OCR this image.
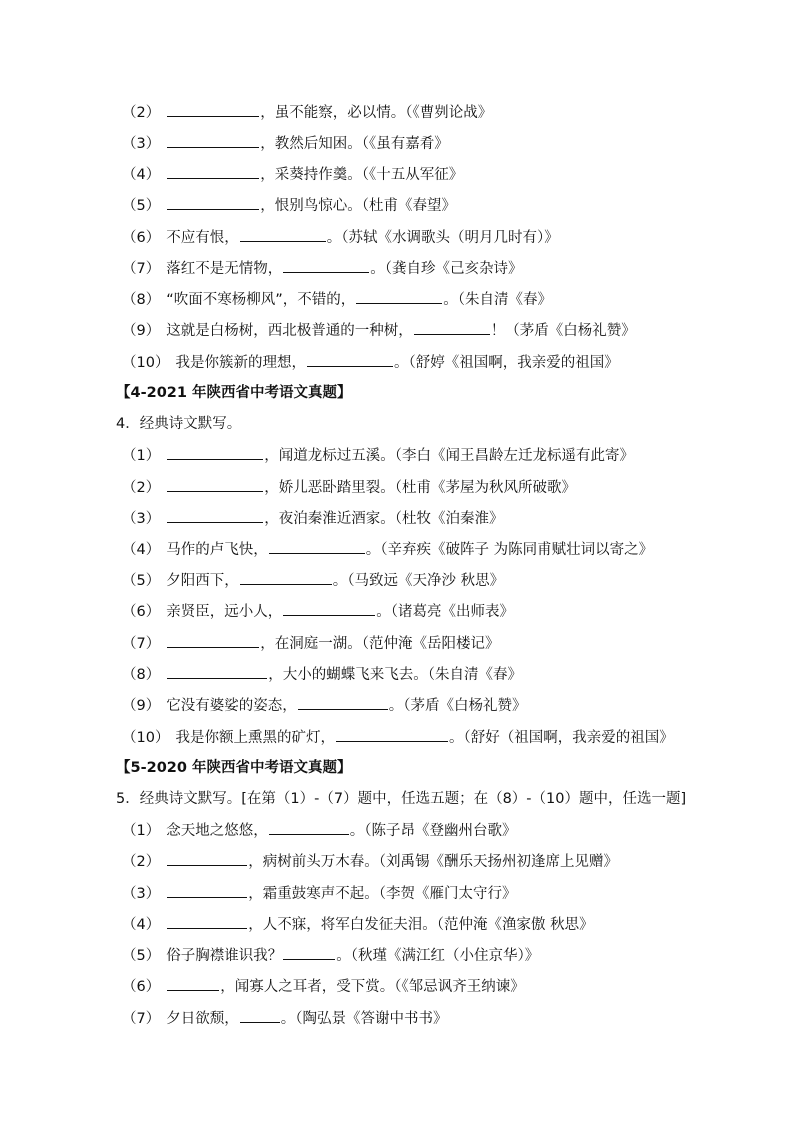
（2）	，虽不能察，必以情。（《曹刿论战》
（3）	，教然后知困。（《虽有嘉肴》
（4）	，采葵持作羹。（《十五从军征》
（5）	，恨别鸟惊心。（杜甫《春望》
（6） 不应有恨，	。（苏轼《水调歌头（明月几时有）》
（7） 落红不是无情物，	。（龚自珍《己亥杂诗》
（8） “吹面不寒杨柳风”，不错的，	。（朱自清《春》
（9） 这就是白杨树，西北极普通的一种树，	！（茅盾《白杨礼赞》
（10） 我是你簇新的理想，	。（舒婷《祖国啊，我亲爱的祖国》
【4-2021 年陕西省中考语文真题】
4．经典诗文默写。
（1）	，闻道龙标过五溪。（李白《闻王昌龄左迁龙标遥有此寄》
（2）	，娇儿恶卧踏里裂。（杜甫《茅屋为秋风所破歌》
（3）	，夜泊秦淮近酒家。（杜牧《泊秦淮》
（4） 马作的卢飞快，	。（辛弃疾《破阵子 为陈同甫赋壮词以寄之》
（5） 夕阳西下，	。（马致远《天净沙 秋思》
（6） 亲贤臣，远小人，	。（诸葛亮《出师表》
（7）	，在洞庭一湖。（范仲淹《岳阳楼记》
（8）	，大小的蝴蝶飞来飞去。（朱自清《春》
（9） 它没有婆娑的姿态，	。（茅盾《白杨礼赞》
（10） 我是你额上熏黑的矿灯，	。（舒好（祖国啊，我亲爱的祖国》
【5-2020 年陕西省中考语文真题】
5．经典诗文默写。[在第（1）-（7）题中，任选五题；在（8）-（10）题中，任选一题]
（1） 念天地之悠悠，	。（陈子昂《登幽州台歌》
（2）	，病树前头万木春。（刘禹锡《酬乐天扬州初逢席上见赠》
（3）	，霜重鼓寒声不起。（李贺《雁门太守行》
（4）	，人不寐，将军白发征夫泪。（范仲淹《渔家傲 秋思》
（5） 俗子胸襟谁识我？	。（秋瑾《满江红（小住京华）》
（6）	，闻寡人之耳者，受下赏。（《邹忌讽齐王纳谏》
（7） 夕日欲颓，	。（陶弘景《答谢中书书》
